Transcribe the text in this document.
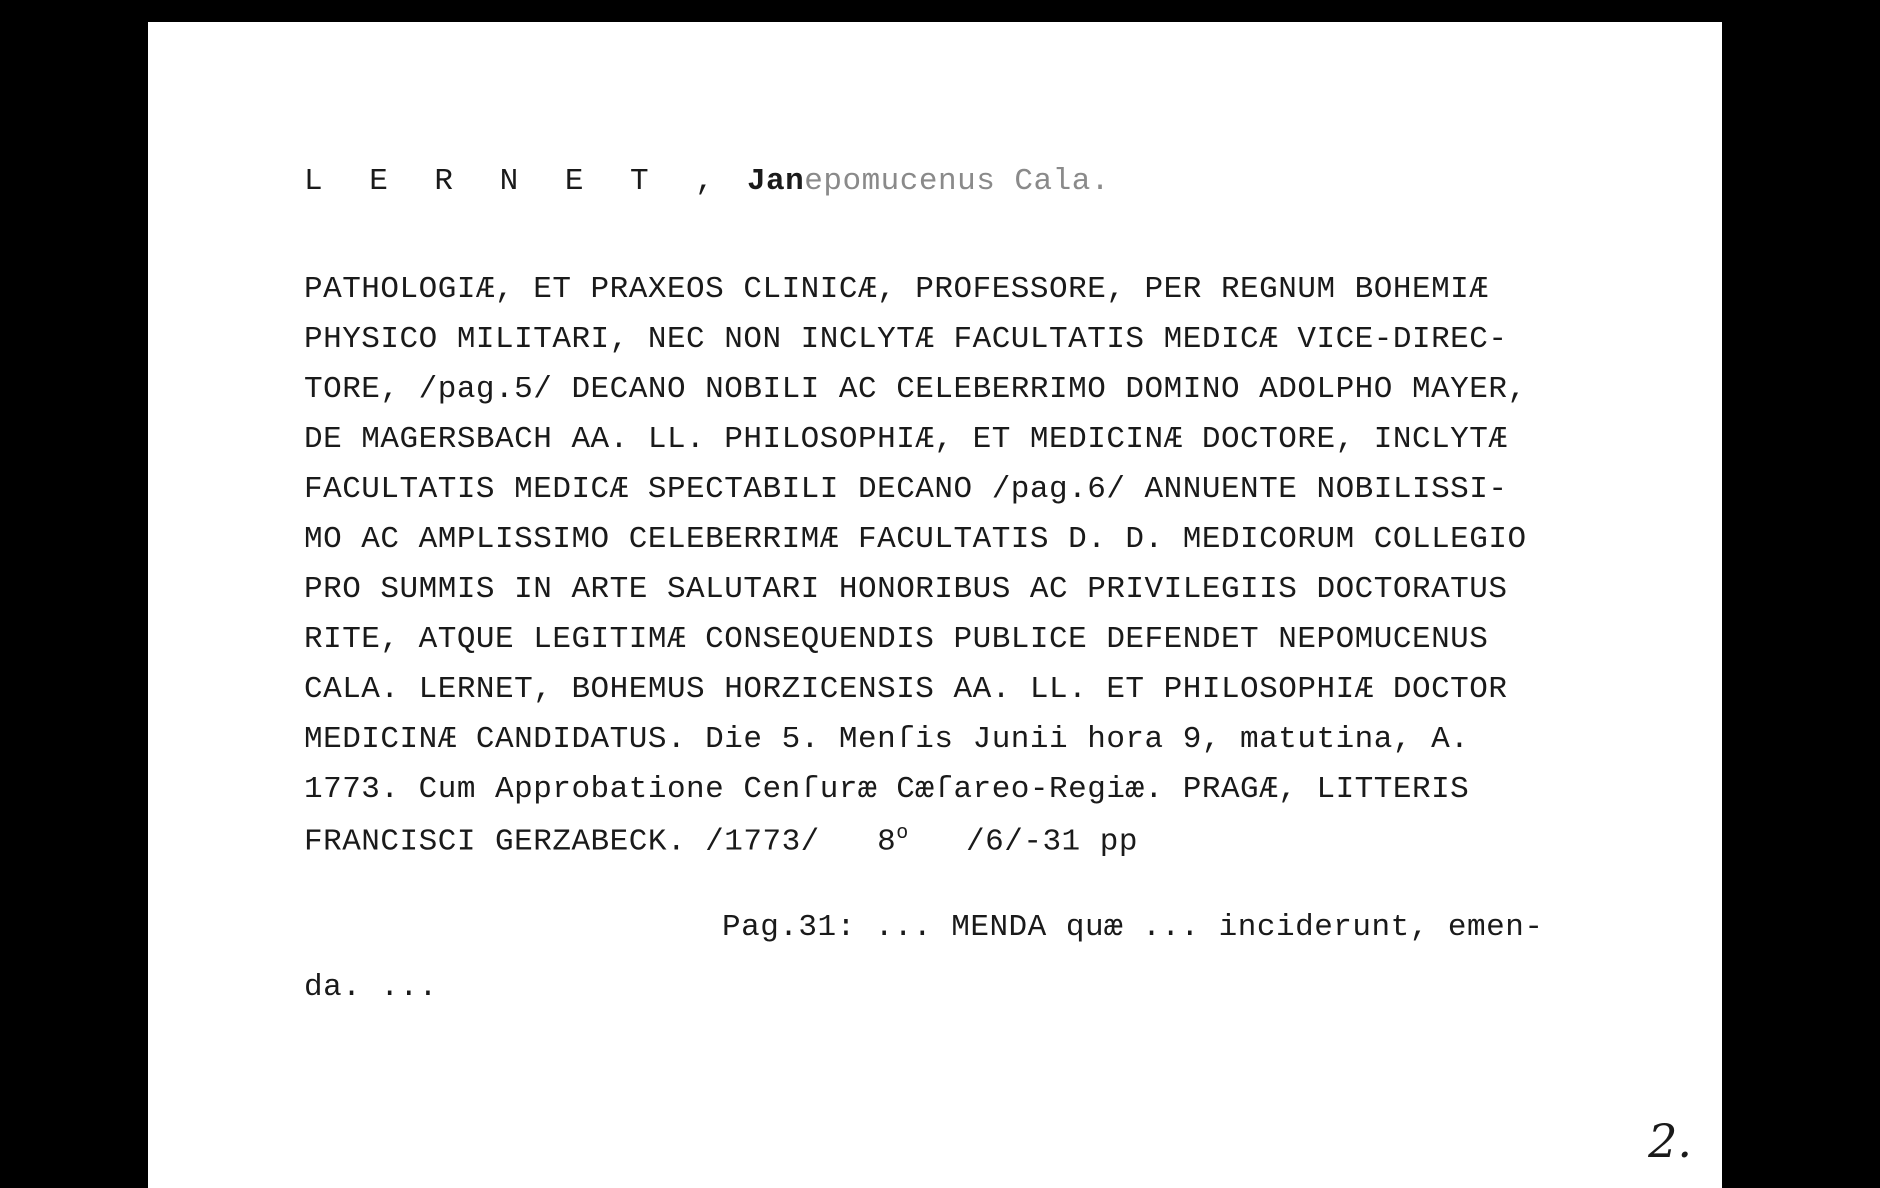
L E R N E T , Janepomucenus Cala.
PATHOLOGIÆ, ET PRAXEOS CLINICÆ, PROFESSORE, PER REGNUM BOHEMIÆ
PHYSICO MILITARI, NEC NON INCLYTÆ FACULTATIS MEDICÆ VICE-DIREC-
TORE, /pag.5/ DECANO NOBILI AC CELEBERRIMO DOMINO ADOLPHO MAYER,
DE MAGERSBACH AA. LL. PHILOSOPHIÆ, ET MEDICINÆ DOCTORE, INCLYTÆ
FACULTATIS MEDICÆ SPECTABILI DECANO /pag.6/ ANNUENTE NOBILISSI-
MO AC AMPLISSIMO CELEBERRIMÆ FACULTATIS D. D. MEDICORUM COLLEGIO
PRO SUMMIS IN ARTE SALUTARI HONORIBUS AC PRIVILEGIIS DOCTORATUS
RITE, ATQUE LEGITIMÆ CONSEQUENDIS PUBLICE DEFENDET NEPOMUCENUS
CALA. LERNET, BOHEMUS HORZICENSIS AA. LL. ET PHILOSOPHIÆ DOCTOR
MEDICINÆ CANDIDATUS. Die 5. Menſis Junii hora 9, matutina, A.
1773. Cum Approbatione Cenſuræ Cæſareo-Regiæ. PRAGÆ, LITTERIS
FRANCISCI GERZABECK. /1773/   8$^o$   /6/-31 pp
Pag.31: ... MENDA quæ ... inciderunt, emen-
da. ...
2.
